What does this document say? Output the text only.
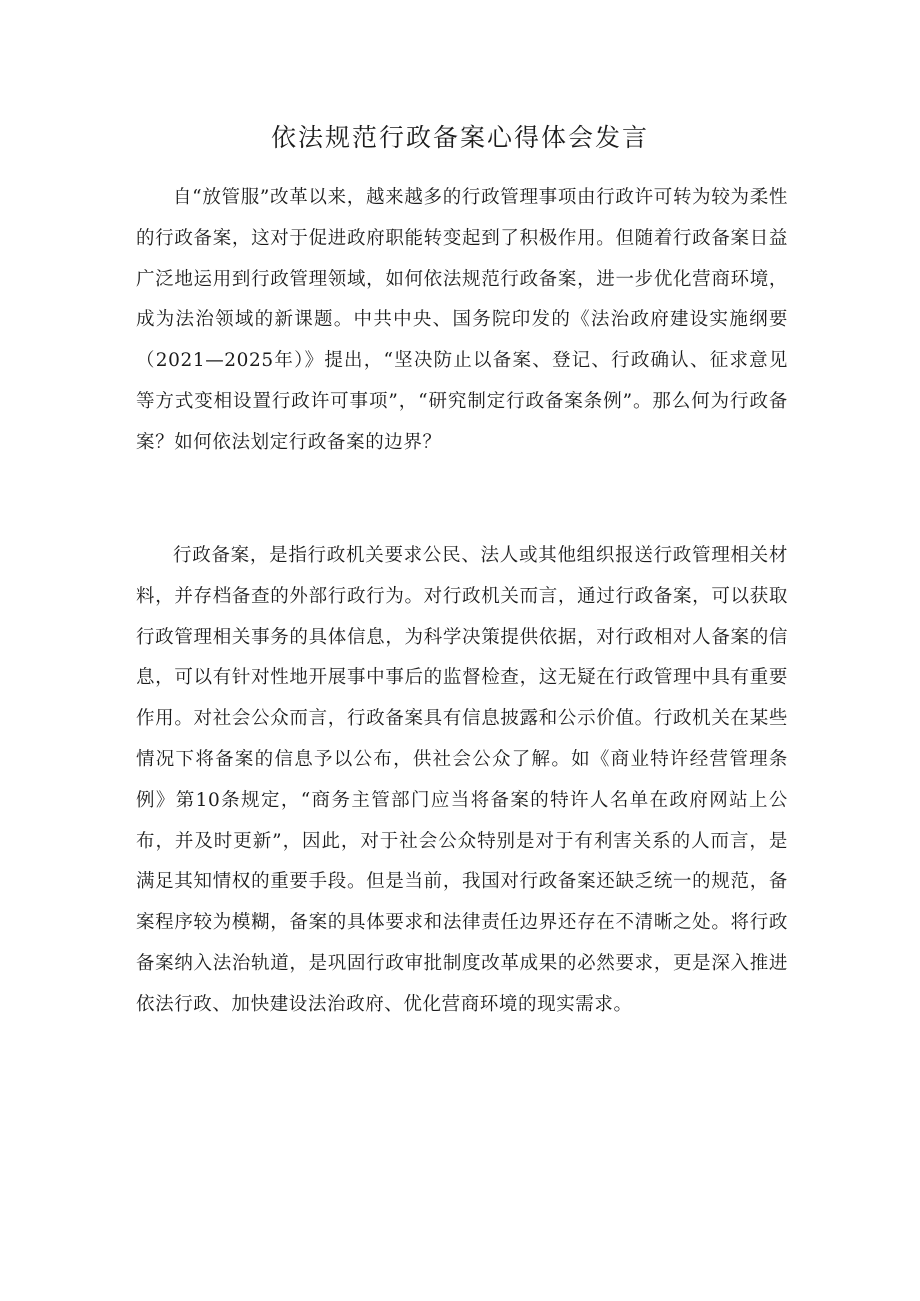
依法规范行政备案心得体会发言

自“放管服”改革以来，越来越多的行政管理事项由行政许可转为较为柔性的行政备案，这对于促进政府职能转变起到了积极作用。但随着行政备案日益广泛地运用到行政管理领域，如何依法规范行政备案，进一步优化营商环境，成为法治领域的新课题。中共中央、国务院印发的《法治政府建设实施纲要（2021—2025年）》提出，“坚决防止以备案、登记、行政确认、征求意见等方式变相设置行政许可事项”，“研究制定行政备案条例”。那么何为行政备案？如何依法划定行政备案的边界？

行政备案，是指行政机关要求公民、法人或其他组织报送行政管理相关材料，并存档备查的外部行政行为。对行政机关而言，通过行政备案，可以获取行政管理相关事务的具体信息，为科学决策提供依据，对行政相对人备案的信息，可以有针对性地开展事中事后的监督检查，这无疑在行政管理中具有重要作用。对社会公众而言，行政备案具有信息披露和公示价值。行政机关在某些情况下将备案的信息予以公布，供社会公众了解。如《商业特许经营管理条例》第10条规定，“商务主管部门应当将备案的特许人名单在政府网站上公布，并及时更新”，因此，对于社会公众特别是对于有利害关系的人而言，是满足其知情权的重要手段。但是当前，我国对行政备案还缺乏统一的规范，备案程序较为模糊，备案的具体要求和法律责任边界还存在不清晰之处。将行政备案纳入法治轨道，是巩固行政审批制度改革成果的必然要求，更是深入推进依法行政、加快建设法治政府、优化营商环境的现实需求。
